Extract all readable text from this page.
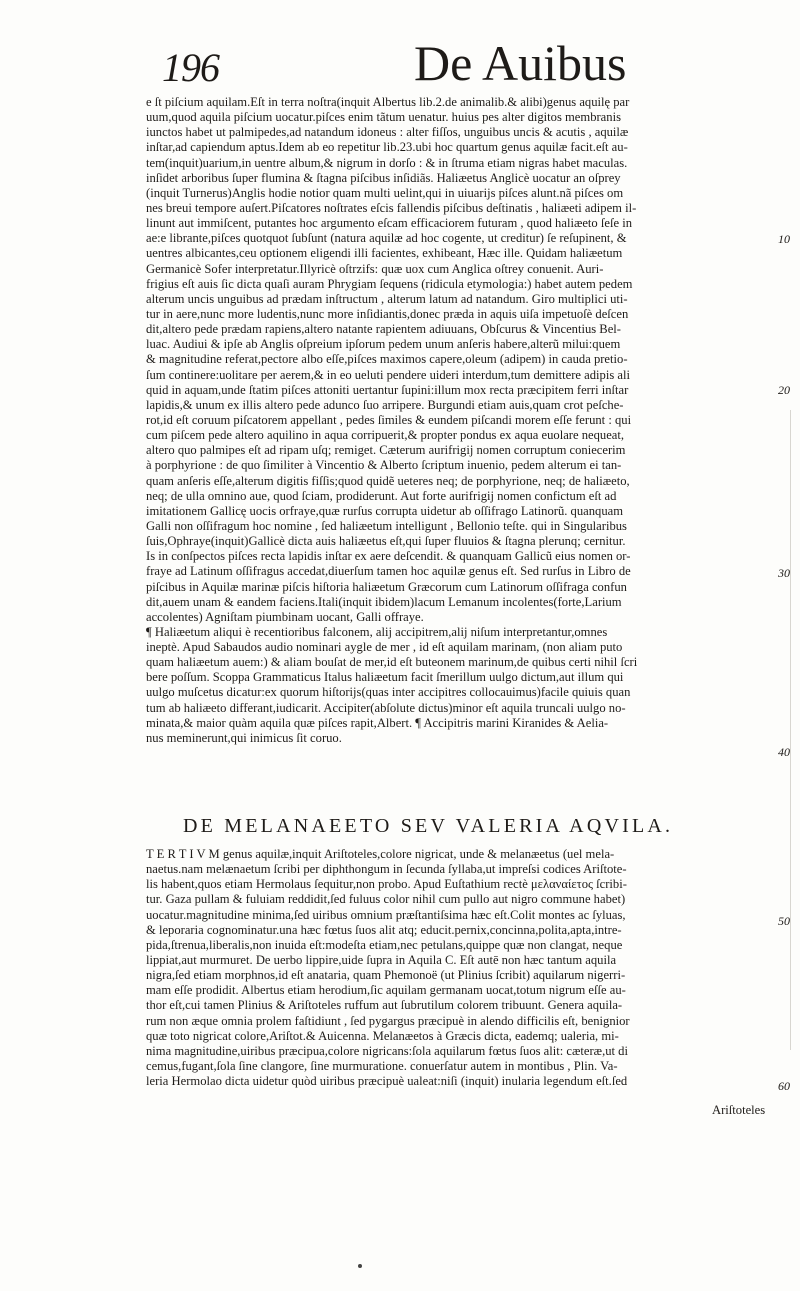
196	De Auibus
e ſt piſcium aquilam.Eſt in terra noſtra(inquit Albertus lib.2.de animalib.& alibi)genus aquilę par
uum,quod aquila piſcium uocatur.piſces enim tãtum uenatur. huius pes alter digitos membranis
iunctos habet ut palmipedes,ad natandum idoneus : alter fiſſos, unguibus uncis & acutis , aquilæ
inſtar,ad capiendum aptus.Idem ab eo repetitur lib.23.ubi hoc quartum genus aquilæ facit.eſt au-
tem(inquit)uarium,in uentre album,& nigrum in dorſo : & in ſtruma etiam nigras habet maculas.
inſidet arboribus ſuper flumina & ſtagna piſcibus inſidiãs. Haliæetus Anglicè uocatur an oſprey
(inquit Turnerus)Anglis hodie notior quam multi uelint,qui in uiuarijs piſces alunt.nã piſces om
nes breui tempore auſert.Piſcatores noſtrates eſcis fallendis piſcibus deſtinatis , haliæeti adipem il-
linunt aut immiſcent, putantes hoc argumento eſcam efficaciorem futuram , quod haliæeto ſeſe in
ae:e librante,piſces quotquot ſubſunt (natura aquilæ ad hoc cogente, ut creditur) ſe reſupinent, &
uentres albicantes,ceu optionem eligendi illi facientes, exhibeant, Hæc ille. Quidam haliæetum
Germanicè Sofer interpretatur.Illyricè oſtrzifs: quæ uox cum Anglica oſtrey conuenit. Auri-
frigius eſt auis ſic dicta quaſi auram Phrygiam ſequens (ridicula etymologia:) habet autem pedem
alterum uncis unguibus ad prædam inſtructum , alterum latum ad natandum. Giro multiplici uti-
tur in aere,nunc more ludentis,nunc more inſidiantis,donec præda in aquis uiſa impetuoſè deſcen
dit,altero pede prædam rapiens,altero natante rapientem adiuuans, Obſcurus & Vincentius Bel-
luac. Audiui & ipſe ab Anglis oſpreium ipſorum pedem unum anſeris habere,alterũ milui:quem
& magnitudine referat,pectore albo eſſe,piſces maximos capere,oleum (adipem) in cauda pretio-
ſum continere:uolitare per aerem,& in eo ueluti pendere uideri interdum,tum demittere adipis ali
quid in aquam,unde ſtatim piſces attoniti uertantur ſupini:illum mox recta præcipitem ferri inſtar
lapidis,& unum ex illis altero pede adunco ſuo arripere. Burgundi etiam auis,quam crot peſche-
rot,id eſt coruum piſcatorem appellant , pedes ſimiles & eundem piſcandi morem eſſe ferunt : qui
cum piſcem pede altero aquilino in aqua corripuerit,& propter pondus ex aqua euolare nequeat,
altero quo palmipes eſt ad ripam uſq; remiget. Cæterum aurifrigij nomen corruptum coniecerim
à porphyrione : de quo ſimiliter à Vincentio & Alberto ſcriptum inuenio, pedem alterum ei tan-
quam anſeris eſſe,alterum digitis fiſſis;quod quidẽ ueteres neq; de porphyrione, neq; de haliæeto,
neq; de ulla omnino aue, quod ſciam, prodiderunt. Aut forte aurifrigij nomen confictum eſt ad
imitationem Gallicę uocis orfraye,quæ rurſus corrupta uidetur ab oſſifrago Latinorũ. quanquam
Galli non oſſifragum hoc nomine , ſed haliæetum intelligunt , Bellonio teſte. qui in Singularibus
ſuis,Ophraye(inquit)Gallicè dicta auis haliæetus eſt,qui ſuper fluuios & ſtagna plerunq; cernitur.
Is in conſpectos piſces recta lapidis inſtar ex aere deſcendit. & quanquam Gallicũ eius nomen or-
fraye ad Latinum oſſifragus accedat,diuerſum tamen hoc aquilæ genus eſt. Sed rurſus in Libro de
piſcibus in Aquilæ marinæ piſcis hiſtoria haliæetum Græcorum cum Latinorum oſſifraga confun
dit,auem unam & eandem faciens.Itali(inquit ibidem)lacum Lemanum incolentes(forte,Larium
accolentes) Agniſtam piumbinam uocant, Galli offraye.
¶ Haliæetum aliqui è recentioribus falconem, alij accipitrem,alij niſum interpretantur,omnes
ineptè. Apud Sabaudos audio nominari aygle de mer , id eſt aquilam marinam, (non aliam puto
quam haliæetum auem:) & aliam bouſat de mer,id eſt buteonem marinum,de quibus certi nihil ſcri
bere poſſum. Scoppa Grammaticus Italus haliæetum facit ſmerillum uulgo dictum,aut illum qui
uulgo muſcetus dicatur:ex quorum hiſtorijs(quas inter accipitres collocauimus)facile quiuis quan
tum ab haliæeto differant,iudicarit. Accipiter(abſolute dictus)minor eſt aquila truncali uulgo no-
minata,& maior quàm aquila quæ piſces rapit,Albert. ¶ Accipitris marini Kiranides & Aelia-
nus meminerunt,qui inimicus ſit coruo.
10
20
30
40
50
60
DE MELANAEETO SEV VALERIA AQVILA.
T E R T I V M genus aquilæ,inquit Ariſtoteles,colore nigricat, unde & melanæetus (uel mela-
naetus.nam melænaetum ſcribi per diphthongum in ſecunda ſyllaba,ut impreſsi codices Ariſtote-
lis habent,quos etiam Hermolaus ſequitur,non probo. Apud Euſtathium rectè μελαναίετος ſcribi-
tur. Gaza pullam & fuluiam reddidit,ſed fuluus color nihil cum pullo aut nigro commune habet)
uocatur.magnitudine minima,ſed uiribus omnium præſtantiſsima hæc eſt.Colit montes ac ſyluas,
& leporaria cognominatur.una hæc fœtus ſuos alit atq; educit.pernix,concinna,polita,apta,intre-
pida,ſtrenua,liberalis,non inuida eſt:modeſta etiam,nec petulans,quippe quæ non clangat, neque
lippiat,aut murmuret. De uerbo lippire,uide ſupra in Aquila C. Eſt autē non hæc tantum aquila
nigra,ſed etiam morphnos,id eſt anataria, quam Phemonoë (ut Plinius ſcribit) aquilarum nigerri-
mam eſſe prodidit. Albertus etiam herodium,ſic aquilam germanam uocat,totum nigrum eſſe au-
thor eſt,cui tamen Plinius & Ariſtoteles ruffum aut ſubrutilum colorem tribuunt. Genera aquila-
rum non æque omnia prolem faſtidiunt , ſed pygargus præcipuè in alendo difficilis eſt, benignior
quæ toto nigricat colore,Ariſtot.& Auicenna. Melanæetos à Græcis dicta, eademq; ualeria, mi-
nima magnitudine,uiribus præcipua,colore nigricans:ſola aquilarum fœtus ſuos alit: cæteræ,ut di
cemus,fugant,ſola ſine clangore, ſine murmuratione. conuerſatur autem in montibus , Plin. Va-
leria Hermolao dicta uidetur quòd uiribus præcipuè ualeat:niſi (inquit) inularia legendum eſt.ſed
Ariſtoteles
